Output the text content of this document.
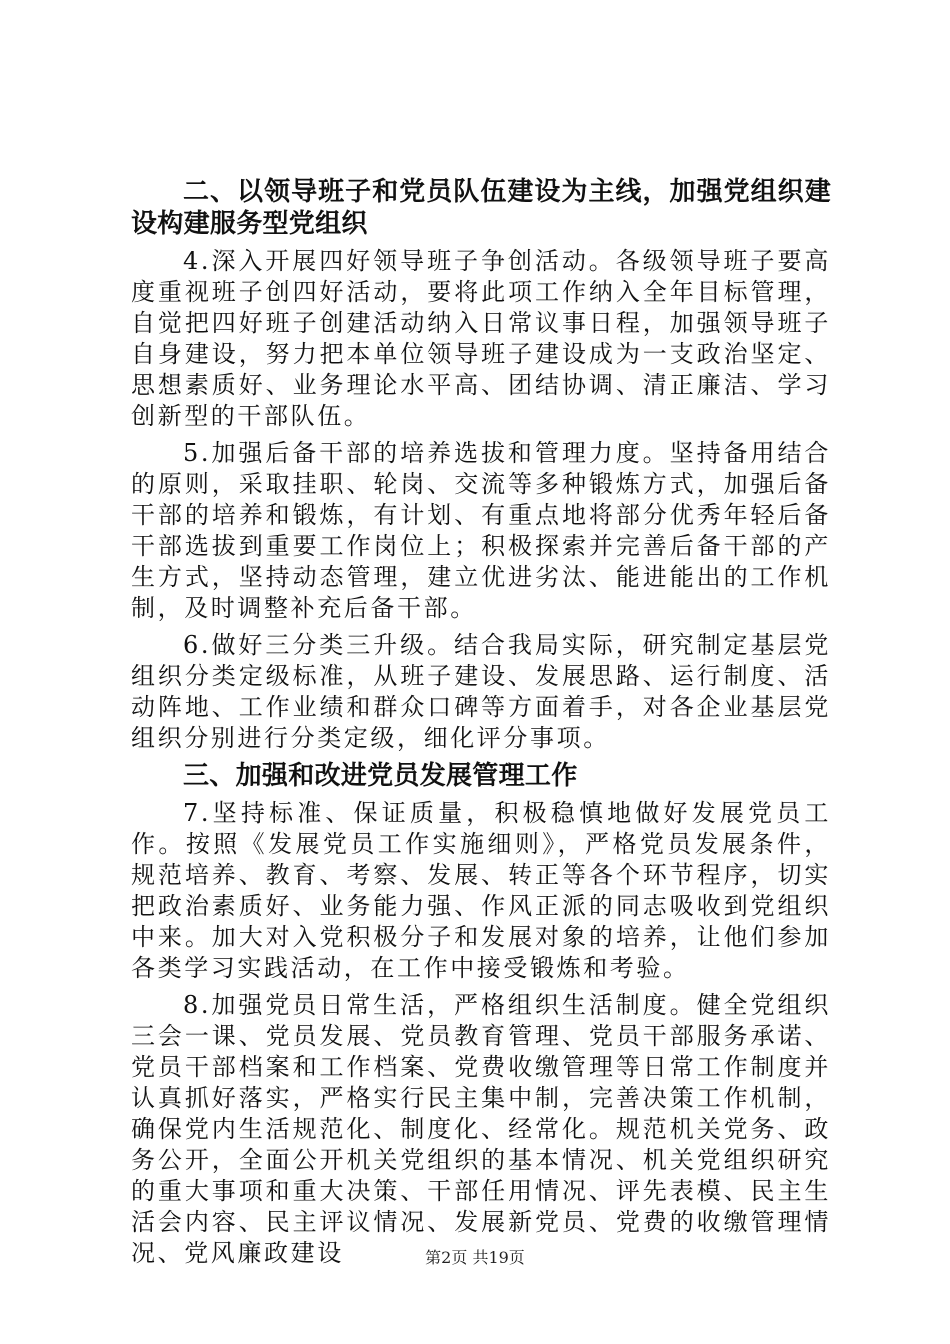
二、以领导班子和党员队伍建设为主线，加强党组织建设构建服务型党组织

4.深入开展四好领导班子争创活动。各级领导班子要高度重视班子创四好活动，要将此项工作纳入全年目标管理，自觉把四好班子创建活动纳入日常议事日程，加强领导班子自身建设，努力把本单位领导班子建设成为一支政治坚定、思想素质好、业务理论水平高、团结协调、清正廉洁、学习创新型的干部队伍。

5.加强后备干部的培养选拔和管理力度。坚持备用结合的原则，采取挂职、轮岗、交流等多种锻炼方式，加强后备干部的培养和锻炼，有计划、有重点地将部分优秀年轻后备干部选拔到重要工作岗位上；积极探索并完善后备干部的产生方式，坚持动态管理，建立优进劣汰、能进能出的工作机制，及时调整补充后备干部。

6.做好三分类三升级。结合我局实际，研究制定基层党组织分类定级标准，从班子建设、发展思路、运行制度、活动阵地、工作业绩和群众口碑等方面着手，对各企业基层党组织分别进行分类定级，细化评分事项。

三、加强和改进党员发展管理工作

7.坚持标准、保证质量，积极稳慎地做好发展党员工作。按照《发展党员工作实施细则》，严格党员发展条件，规范培养、教育、考察、发展、转正等各个环节程序，切实把政治素质好、业务能力强、作风正派的同志吸收到党组织中来。加大对入党积极分子和发展对象的培养，让他们参加各类学习实践活动，在工作中接受锻炼和考验。

8.加强党员日常生活，严格组织生活制度。健全党组织三会一课、党员发展、党员教育管理、党员干部服务承诺、党员干部档案和工作档案、党费收缴管理等日常工作制度并认真抓好落实，严格实行民主集中制，完善决策工作机制，确保党内生活规范化、制度化、经常化。规范机关党务、政务公开，全面公开机关党组织的基本情况、机关党组织研究的重大事项和重大决策、干部任用情况、评先表模、民主生活会内容、民主评议情况、发展新党员、党费的收缴管理情况、党风廉政建设	第2页 共19页
